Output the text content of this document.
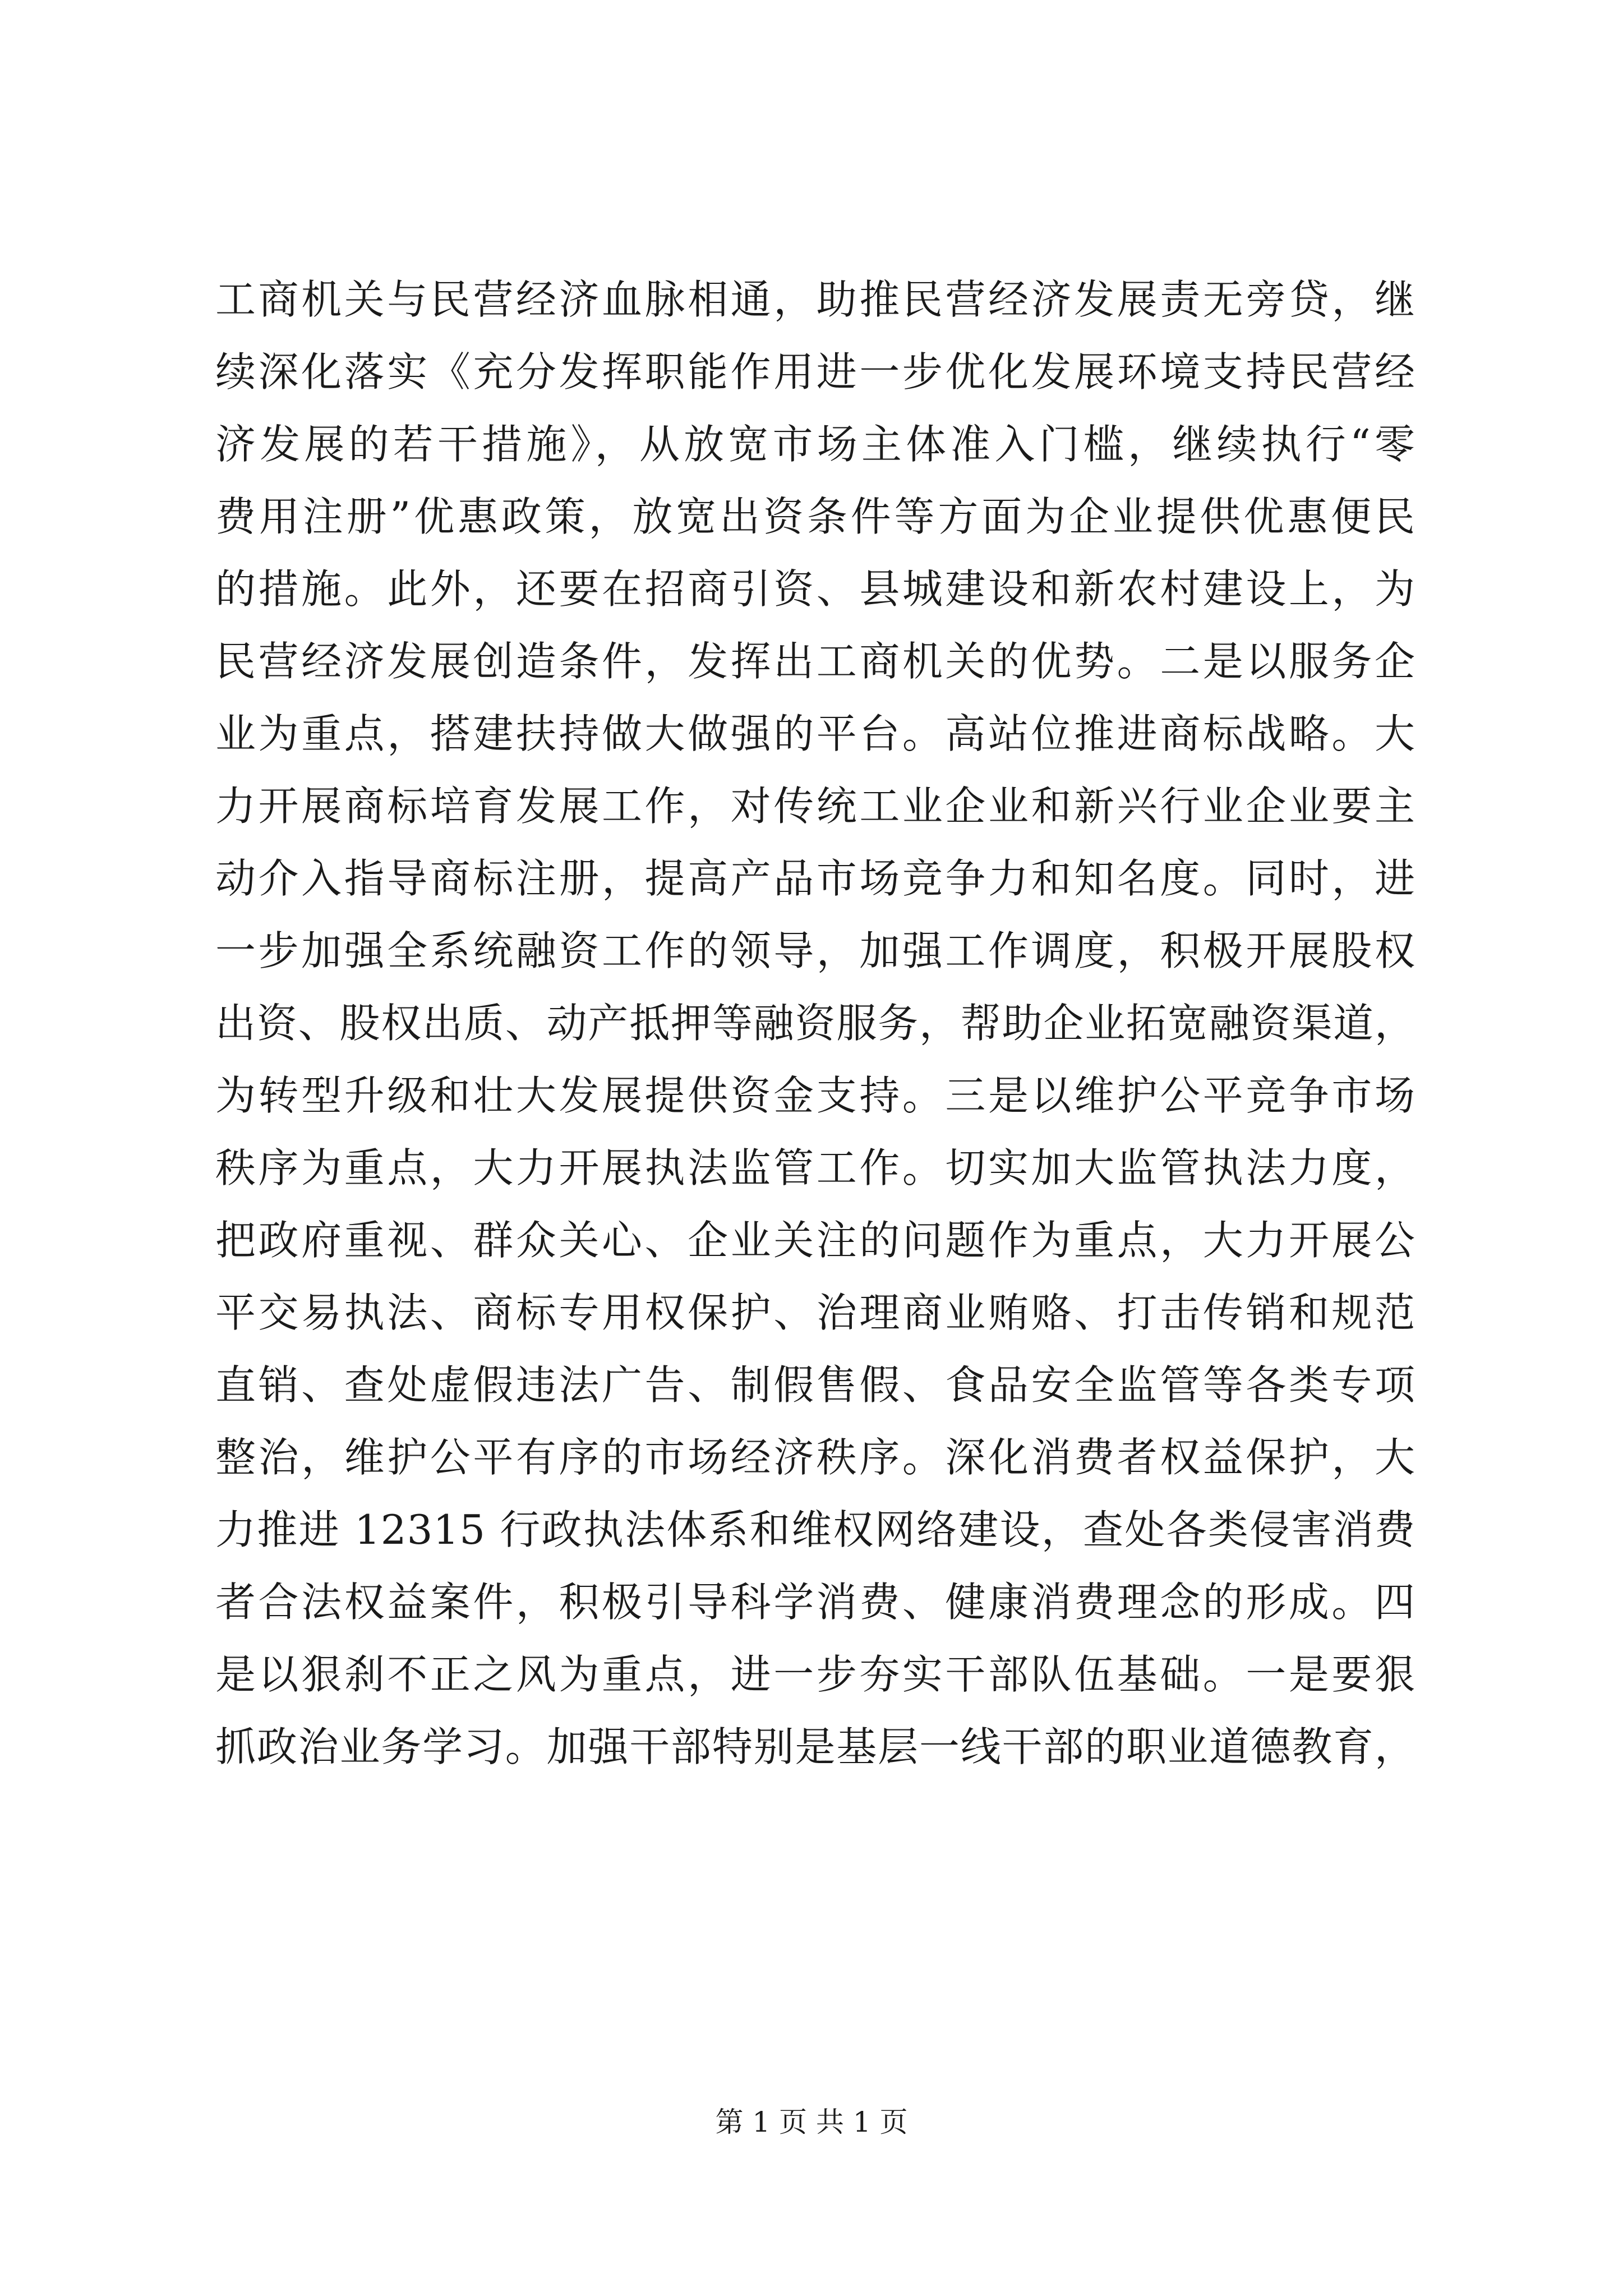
工商机关与民营经济血脉相通，助推民营经济发展责无旁贷，继
续深化落实《充分发挥职能作用进一步优化发展环境支持民营经
济发展的若干措施》，从放宽市场主体准入门槛，继续执行“零
费用注册”优惠政策，放宽出资条件等方面为企业提供优惠便民
的措施。此外，还要在招商引资、县城建设和新农村建设上，为
民营经济发展创造条件，发挥出工商机关的优势。二是以服务企
业为重点，搭建扶持做大做强的平台。高站位推进商标战略。大
力开展商标培育发展工作，对传统工业企业和新兴行业企业要主
动介入指导商标注册，提高产品市场竞争力和知名度。同时，进
一步加强全系统融资工作的领导，加强工作调度，积极开展股权
出资、股权出质、动产抵押等融资服务，帮助企业拓宽融资渠道，
为转型升级和壮大发展提供资金支持。三是以维护公平竞争市场
秩序为重点，大力开展执法监管工作。切实加大监管执法力度，
把政府重视、群众关心、企业关注的问题作为重点，大力开展公
平交易执法、商标专用权保护、治理商业贿赂、打击传销和规范
直销、查处虚假违法广告、制假售假、食品安全监管等各类专项
整治，维护公平有序的市场经济秩序。深化消费者权益保护，大
力推进 12315 行政执法体系和维权网络建设，查处各类侵害消费
者合法权益案件，积极引导科学消费、健康消费理念的形成。四
是以狠刹不正之风为重点，进一步夯实干部队伍基础。一是要狠
抓政治业务学习。加强干部特别是基层一线干部的职业道德教育，
第 1 页 共 1 页
